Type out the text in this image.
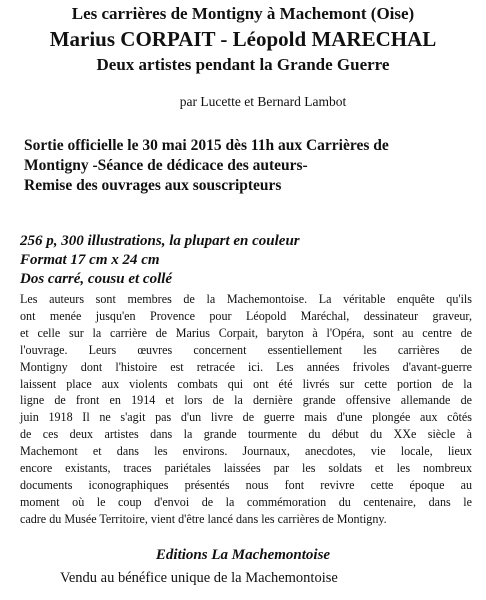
Les carrières de Montigny à Machemont (Oise)
Marius CORPAIT - Léopold MARECHAL
Deux artistes pendant la Grande Guerre
par Lucette et Bernard Lambot
Sortie officielle le 30 mai 2015 dès 11h aux Carrières de
Montigny -Séance de dédicace des auteurs-
Remise des ouvrages aux souscripteurs
256 p, 300 illustrations, la plupart en couleur
Format 17 cm x 24 cm
Dos carré, cousu et collé
Les auteurs sont membres de la Machemontoise. La véritable enquête qu'ils
ont menée jusqu'en Provence pour Léopold Maréchal, dessinateur graveur,
et celle sur la carrière de Marius Corpait, baryton à l'Opéra, sont au centre de
l'ouvrage. Leurs œuvres concernent essentiellement les carrières de
Montigny dont l'histoire est retracée ici. Les années frivoles d'avant-guerre
laissent place aux violents combats qui ont été livrés sur cette portion de la
ligne de front en 1914 et lors de la dernière grande offensive allemande de
juin 1918 Il ne s'agit pas d'un livre de guerre mais d'une plongée aux côtés
de ces deux artistes dans la grande tourmente du début du XXe siècle à
Machemont et dans les environs. Journaux, anecdotes, vie locale, lieux
encore existants, traces pariétales laissées par les soldats et les nombreux
documents iconographiques présentés nous font revivre cette époque au
moment où le coup d'envoi de la commémoration du centenaire, dans le
cadre du Musée Territoire, vient d'être lancé dans les carrières de Montigny.
Editions La Machemontoise
Vendu au bénéfice unique de la Machemontoise
